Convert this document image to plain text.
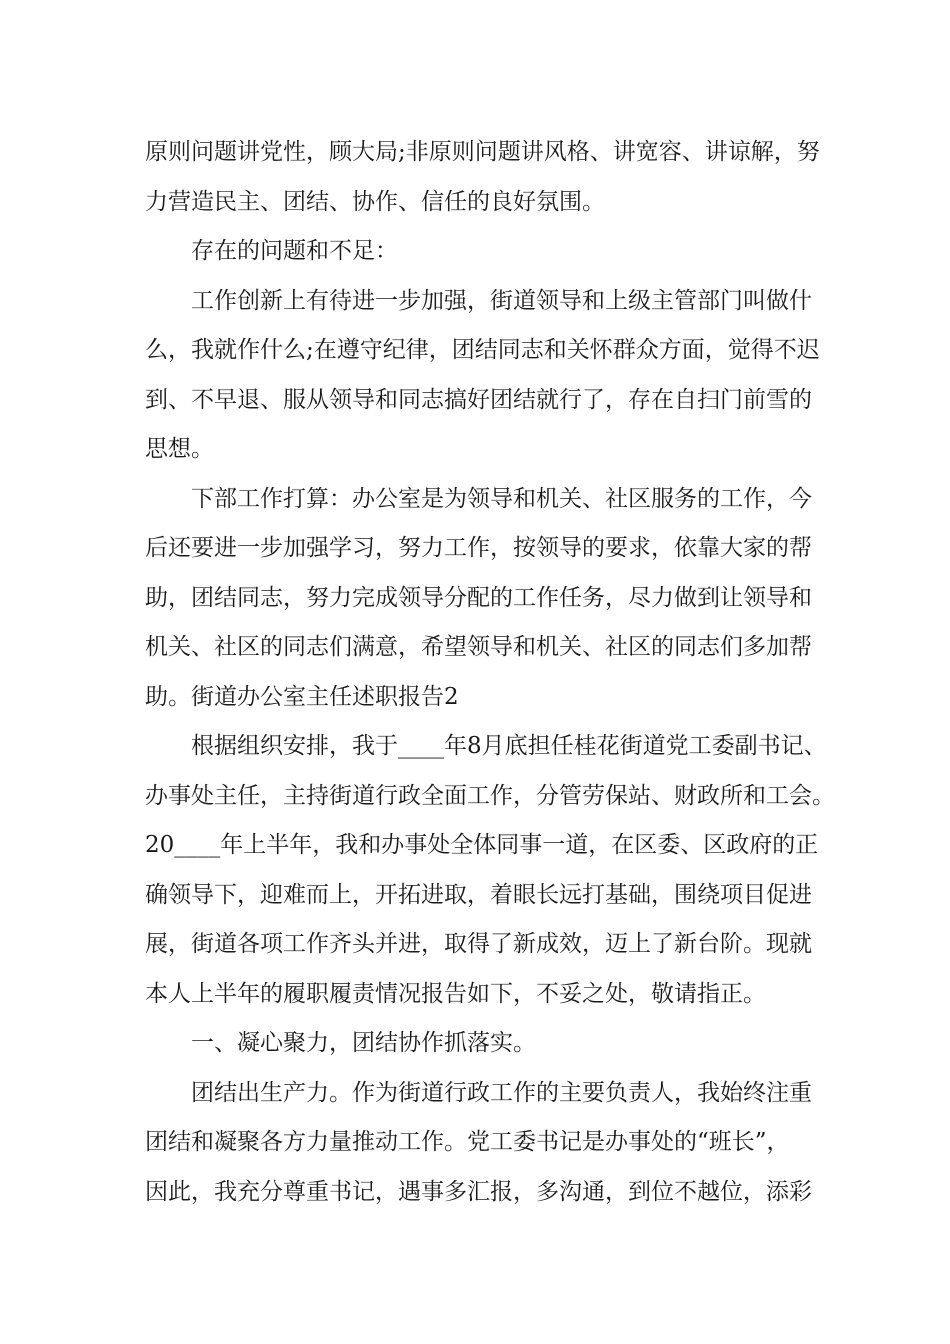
原则问题讲党性，顾大局;非原则问题讲风格、讲宽容、讲谅解，努
力营造民主、团结、协作、信任的良好氛围。
存在的问题和不足：
工作创新上有待进一步加强，街道领导和上级主管部门叫做什
么，我就作什么;在遵守纪律，团结同志和关怀群众方面，觉得不迟
到、不早退、服从领导和同志搞好团结就行了，存在自扫门前雪的
思想。
下部工作打算：办公室是为领导和机关、社区服务的工作，今
后还要进一步加强学习，努力工作，按领导的要求，依靠大家的帮
助，团结同志，努力完成领导分配的工作任务，尽力做到让领导和
机关、社区的同志们满意，希望领导和机关、社区的同志们多加帮
助。街道办公室主任述职报告2
根据组织安排，我于____年8月底担任桂花街道党工委副书记、
办事处主任，主持街道行政全面工作，分管劳保站、财政所和工会。
20____年上半年，我和办事处全体同事一道，在区委、区政府的正
确领导下，迎难而上，开拓进取，着眼长远打基础，围绕项目促进
展，街道各项工作齐头并进，取得了新成效，迈上了新台阶。现就
本人上半年的履职履责情况报告如下，不妥之处，敬请指正。
一、凝心聚力，团结协作抓落实。
团结出生产力。作为街道行政工作的主要负责人，我始终注重
团结和凝聚各方力量推动工作。党工委书记是办事处的“班长”，
因此，我充分尊重书记，遇事多汇报，多沟通，到位不越位，添彩
